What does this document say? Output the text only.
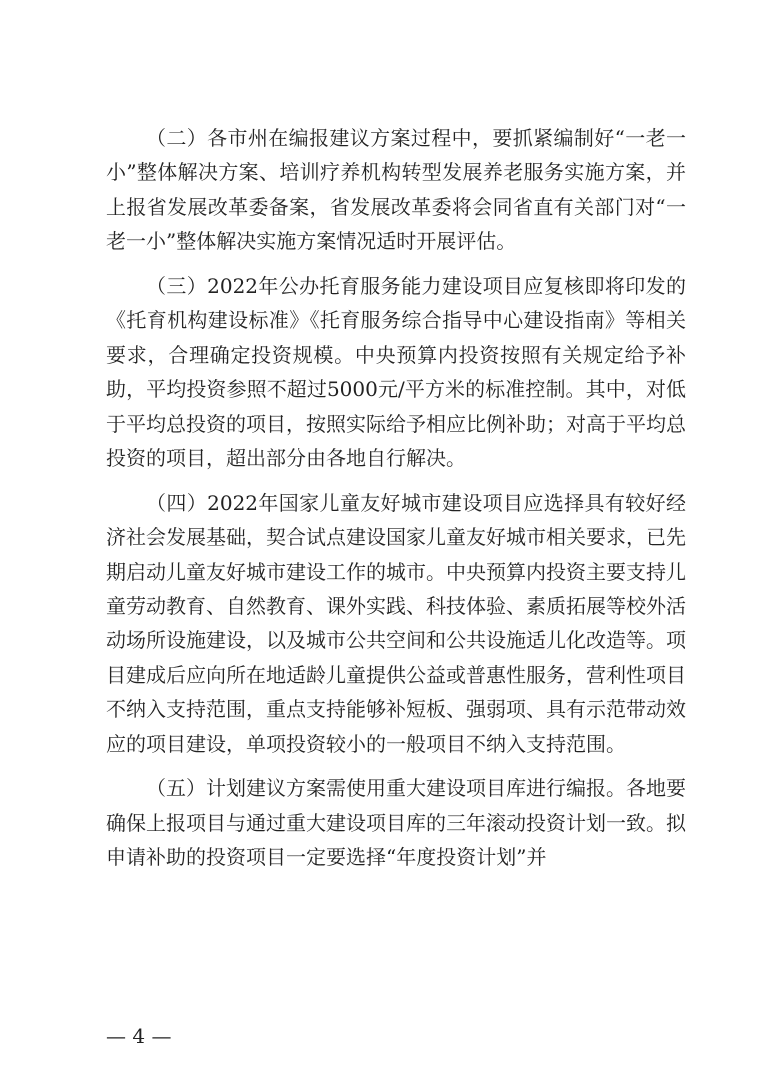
（二）各市州在编报建议方案过程中，要抓紧编制好“一老一小”整体解决方案、培训疗养机构转型发展养老服务实施方案，并上报省发展改革委备案，省发展改革委将会同省直有关部门对“一老一小”整体解决实施方案情况适时开展评估。

（三）2022年公办托育服务能力建设项目应复核即将印发的《托育机构建设标准》《托育服务综合指导中心建设指南》等相关要求，合理确定投资规模。中央预算内投资按照有关规定给予补助，平均投资参照不超过5000元/平方米的标准控制。其中，对低于平均总投资的项目，按照实际给予相应比例补助；对高于平均总投资的项目，超出部分由各地自行解决。

（四）2022年国家儿童友好城市建设项目应选择具有较好经济社会发展基础，契合试点建设国家儿童友好城市相关要求，已先期启动儿童友好城市建设工作的城市。中央预算内投资主要支持儿童劳动教育、自然教育、课外实践、科技体验、素质拓展等校外活动场所设施建设，以及城市公共空间和公共设施适儿化改造等。项目建成后应向所在地适龄儿童提供公益或普惠性服务，营利性项目不纳入支持范围，重点支持能够补短板、强弱项、具有示范带动效应的项目建设，单项投资较小的一般项目不纳入支持范围。

（五）计划建议方案需使用重大建设项目库进行编报。各地要确保上报项目与通过重大建设项目库的三年滚动投资计划一致。拟申请补助的投资项目一定要选择“年度投资计划”并

— 4 —
